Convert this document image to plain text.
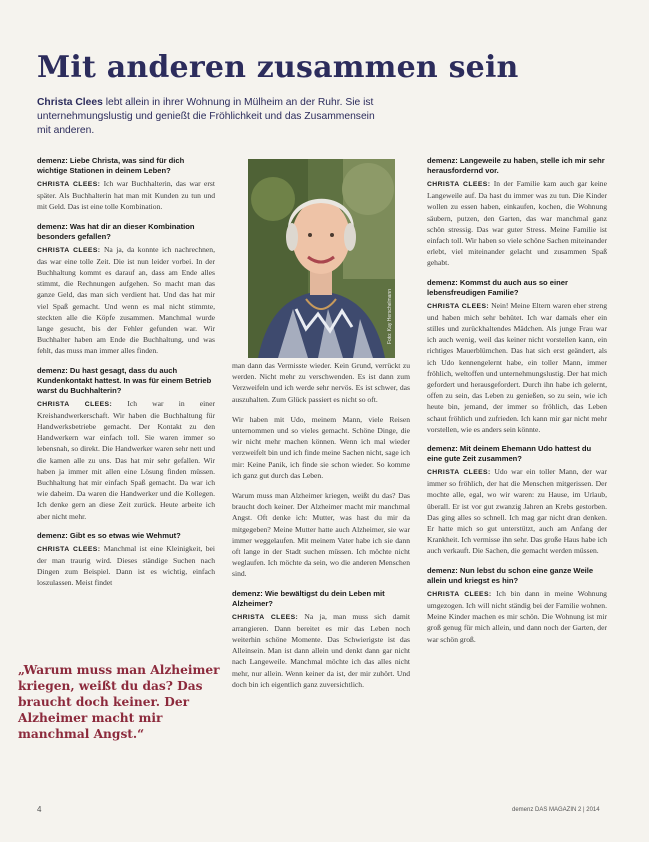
Mit anderen zusammen sein
Christa Clees lebt allein in ihrer Wohnung in Mülheim an der Ruhr. Sie ist unternehmungslustig und genießt die Fröhlichkeit und das Zusammensein mit anderen.

demenz: Liebe Christa, was sind für dich wichtige Stationen in deinem Leben?

CHRISTA CLEES: Ich war Buchhalterin, das war erst später. Als Buchhalterin hat man mit Kunden zu tun und mit Geld. Das ist eine tolle Kombination.

demenz: Was hat dir an dieser Kombination besonders gefallen?

CHRISTA CLEES: Na ja, da konnte ich nachrechnen, das war eine tolle Zeit. Die ist nun leider vorbei. In der Buchhaltung kommt es darauf an, dass am Ende alles stimmt, die Rechnungen aufgehen. So macht man das ganze Geld, das man sich verdient hat. Und das hat mir viel Spaß gemacht. Und wenn es mal nicht stimmte, steckten alle die Köpfe zusammen. Manchmal wurde lange gesucht, bis der Fehler gefunden war. Wir Buchhalter haben am Ende die Buchhaltung, und was fehlt, das muss man immer alles finden.

demenz: Du hast gesagt, dass du auch Kundenkontakt hattest. In was für einem Betrieb warst du Buchhalterin?

CHRISTA CLEES: Ich war in einer Kreishandwerkerschaft. Wir haben die Buchhaltung für Handwerksbetriebe gemacht. Der Kontakt zu den Handwerkern war einfach toll. Sie waren immer so lebensnah, so direkt. Die Handwerker waren sehr nett und die kamen alle zu uns. Das hat mir sehr gefallen. Wir haben ja immer mit allen eine Lösung finden müssen. Buchhaltung hat mir einfach Spaß gemacht. Da war ich wie daheim. Da waren die Handwerker und die Kollegen. Ich denke gern an diese Zeit zurück. Heute arbeite ich aber nicht mehr.

demenz: Gibt es so etwas wie Wehmut?

CHRISTA CLEES: Manchmal ist eine Kleinigkeit, bei der man traurig wird. Dieses ständige Suchen nach Dingen zum Beispiel. Dann ist es wichtig, einfach loszulassen. Meist findet

Foto: Kay Herschelmann

man dann das Vermisste wieder. Kein Grund, verrückt zu werden. Nicht mehr zu verschwenden. Es ist dann zum Verzweifeln und ich werde sehr nervös. Es ist schwer, das auszuhalten. Zum Glück passiert es nicht so oft.

Wir haben mit Udo, meinem Mann, viele Reisen unternommen und so vieles gemacht. Schöne Dinge, die wir nicht mehr machen können. Wenn ich mal wieder verzweifelt bin und ich finde meine Sachen nicht, sage ich mir: Keine Panik, ich finde sie schon wieder. So komme ich ganz gut durch das Leben.

Warum muss man Alzheimer kriegen, weißt du das? Das braucht doch keiner. Der Alzheimer macht mir manchmal Angst. Oft denke ich: Mutter, was hast du mir da mitgegeben? Meine Mutter hatte auch Alzheimer, sie war immer weggelaufen. Mit meinem Vater habe ich sie dann oft lange in der Stadt suchen müssen. Ich möchte nicht weglaufen. Ich möchte da sein, wo die anderen Menschen sind.

demenz: Wie bewältigst du dein Leben mit Alzheimer?

CHRISTA CLEES: Na ja, man muss sich damit arrangieren. Dann bereitet es mir das Leben noch weiterhin schöne Momente. Das Schwierigste ist das Alleinsein. Man ist dann allein und denkt dann gar nicht nach Langeweile. Manchmal möchte ich das alles nicht mehr, nur allein. Wenn keiner da ist, der mir zuhört. Und doch bin ich eigentlich ganz zuversichtlich.

demenz: Langeweile zu haben, stelle ich mir sehr herausfordernd vor.

CHRISTA CLEES: In der Familie kam auch gar keine Langeweile auf. Da hast du immer was zu tun. Die Kinder wollen zu essen haben, einkaufen, kochen, die Wohnung säubern, putzen, den Garten, das war manchmal ganz schön stressig. Das war guter Stress. Meine Familie ist einfach toll. Wir haben so viele schöne Sachen miteinander erlebt, viel miteinander gelacht und zusammen Spaß gehabt.

demenz: Kommst du auch aus so einer lebensfreudigen Familie?

CHRISTA CLEES: Nein! Meine Eltern waren eher streng und haben mich sehr behütet. Ich war damals eher ein stilles und zurückhaltendes Mädchen. Als junge Frau war ich auch wenig, weil das keiner nicht vorstellen kann, ein richtiges Mauerblümchen. Das hat sich erst geändert, als ich Udo kennengelernt habe, ein toller Mann, immer fröhlich, weltoffen und unternehmungslustig. Der hat mich gefordert und herausgefordert. Durch ihn habe ich gelernt, offen zu sein, das Leben zu genießen, so zu sein, wie ich heute bin, jemand, der immer so fröhlich, das Leben schaut fröhlich und zufrieden. Ich kann mir gar nicht mehr vorstellen, wie es anders sein könnte.

demenz: Mit deinem Ehemann Udo hattest du eine gute Zeit zusammen?

CHRISTA CLEES: Udo war ein toller Mann, der war immer so fröhlich, der hat die Menschen mitgerissen. Der mochte alle, egal, wo wir waren: zu Hause, im Urlaub, überall. Er ist vor gut zwanzig Jahren an Krebs gestorben. Das ging alles so schnell. Ich mag gar nicht dran denken. Er hatte mich so gut unterstützt, auch am Anfang der Krankheit. Ich vermisse ihn sehr. Das große Haus habe ich auch verkauft. Die Sachen, die gemacht werden müssen.

demenz: Nun lebst du schon eine ganze Weile allein und kriegst es hin?

CHRISTA CLEES: Ich bin dann in meine Wohnung umgezogen. Ich will nicht ständig bei der Familie wohnen. Meine Kinder machen es mir schön. Die Wohnung ist mir groß genug für mich allein, und dann noch der Garten, der war schön groß.

„Warum muss man Alzheimer kriegen, weißt du das? Das braucht doch keiner. Der Alzheimer macht mir manchmal Angst.“
4	demenz DAS MAGAZIN 2 | 2014
